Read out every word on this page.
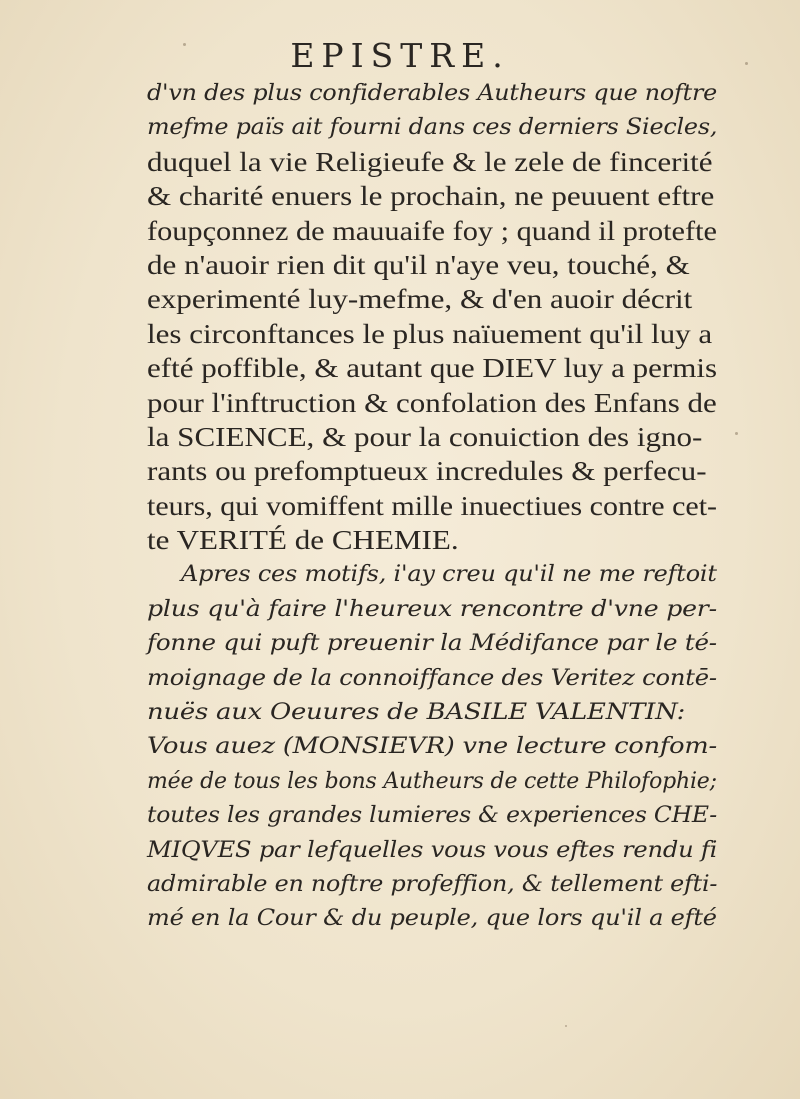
EPISTRE.
d'vn des plus confiderables Autheurs que noftre
mefme païs ait fourni dans ces derniers Siecles,
duquel la vie Religieufe & le zele de fincerité
& charité enuers le prochain, ne peuuent eftre
foupçonnez de mauuaife foy ; quand il protefte
de n'auoir rien dit qu'il n'aye veu, touché, &
experimenté luy-mefme, & d'en auoir décrit
les circonftances le plus naïuement qu'il luy a
efté poffible, & autant que DIEV luy a permis
pour l'inftruction & confolation des Enfans de
la SCIENCE, & pour la conuiction des igno-
rants ou prefomptueux incredules & perfecu-
teurs, qui vomiffent mille inuectiues contre cet-
te VERITÉ de CHEMIE.
Apres ces motifs, i'ay creu qu'il ne me reftoit
plus qu'à faire l'heureux rencontre d'vne per-
fonne qui puft preuenir la Médifance par le té-
moignage de la connoiffance des Veritez contē-
nuës aux Oeuures de BASILE VALENTIN:
Vous auez (MONSIEVR) vne lecture confom-
mée de tous les bons Autheurs de cette Philofophie;
toutes les grandes lumieres & experiences CHE-
MIQVES par lefquelles vous vous eftes rendu fi
admirable en noftre profeffion, & tellement efti-
mé en la Cour & du peuple, que lors qu'il a efté
